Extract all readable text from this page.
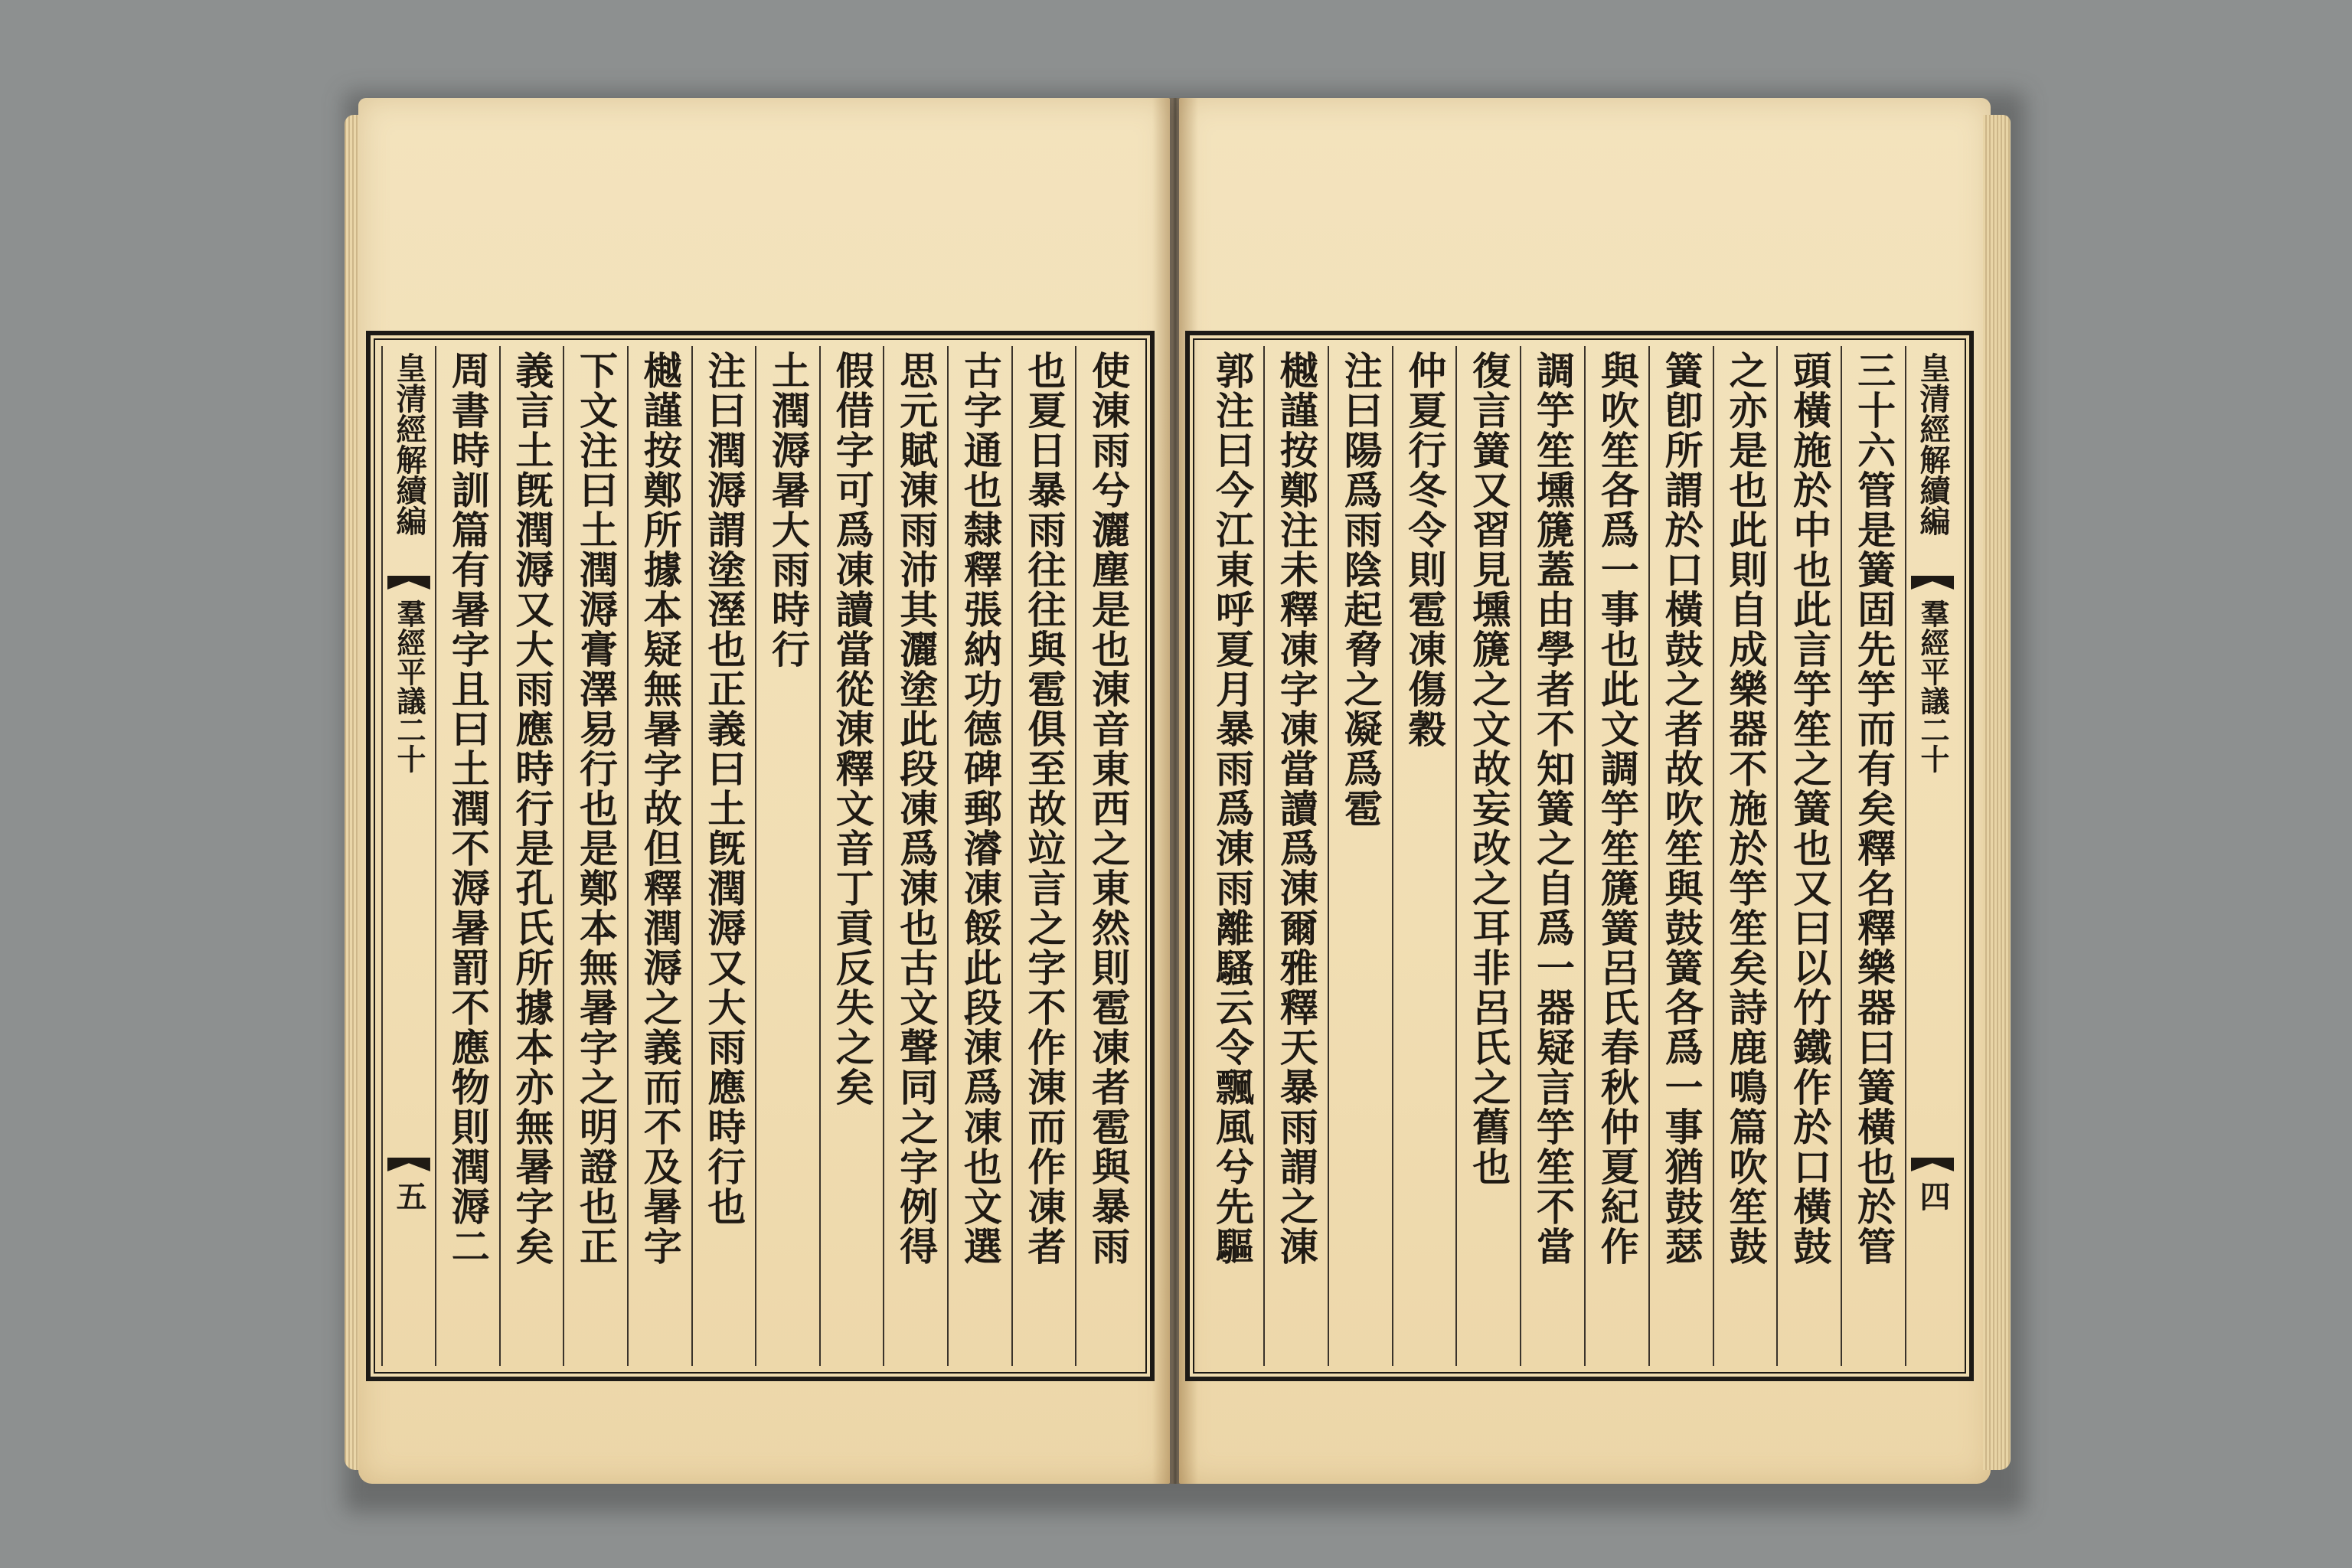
皇清經解續編
羣經平議二十
四
三十六管是簧固先竽而有矣釋名釋樂器曰簧橫也於管
頭橫施於中也此言竽笙之簧也又曰以竹鐵作於口橫鼓
之亦是也此則自成樂器不施於竽笙矣詩鹿鳴篇吹笙鼓
簧卽所謂於口橫鼓之者故吹笙與鼓簧各爲一事猶鼓瑟
與吹笙各爲一事也此文調竽笙篪簧呂氏春秋仲夏紀作
調竽笙壎篪蓋由學者不知簧之自爲一器疑言竽笙不當
復言簧又習見壎篪之文故妄改之耳非呂氏之舊也
仲夏行冬令則雹凍傷穀
注曰陽爲雨陰起脅之凝爲雹
樾謹按鄭注未釋凍字凍當讀爲涷爾雅釋天暴雨謂之涷
郭注曰今江東呼夏月暴雨爲涷雨離騷云令飄風兮先驅
使涷雨兮灑塵是也涷音東西之東然則雹凍者雹與暴雨
也夏日暴雨往往與雹俱至故竝言之字不作涷而作凍者
古字通也隸釋張納功德碑郵濬凍餒此段涷爲凍也文選
思元賦涷雨沛其灑塗此段凍爲涷也古文聲同之字例得
假借字可爲凍讀當從涷釋文音丁貢反失之矣
土潤溽暑大雨時行
注曰潤溽謂塗溼也正義曰土旣潤溽又大雨應時行也
樾謹按鄭所據本疑無暑字故但釋潤溽之義而不及暑字
下文注曰土潤溽膏澤易行也是鄭本無暑字之明證也正
義言土旣潤溽又大雨應時行是孔氏所據本亦無暑字矣
周書時訓篇有暑字且曰土潤不溽暑罰不應物則潤溽二
皇清經解續編
羣經平議二十
五
